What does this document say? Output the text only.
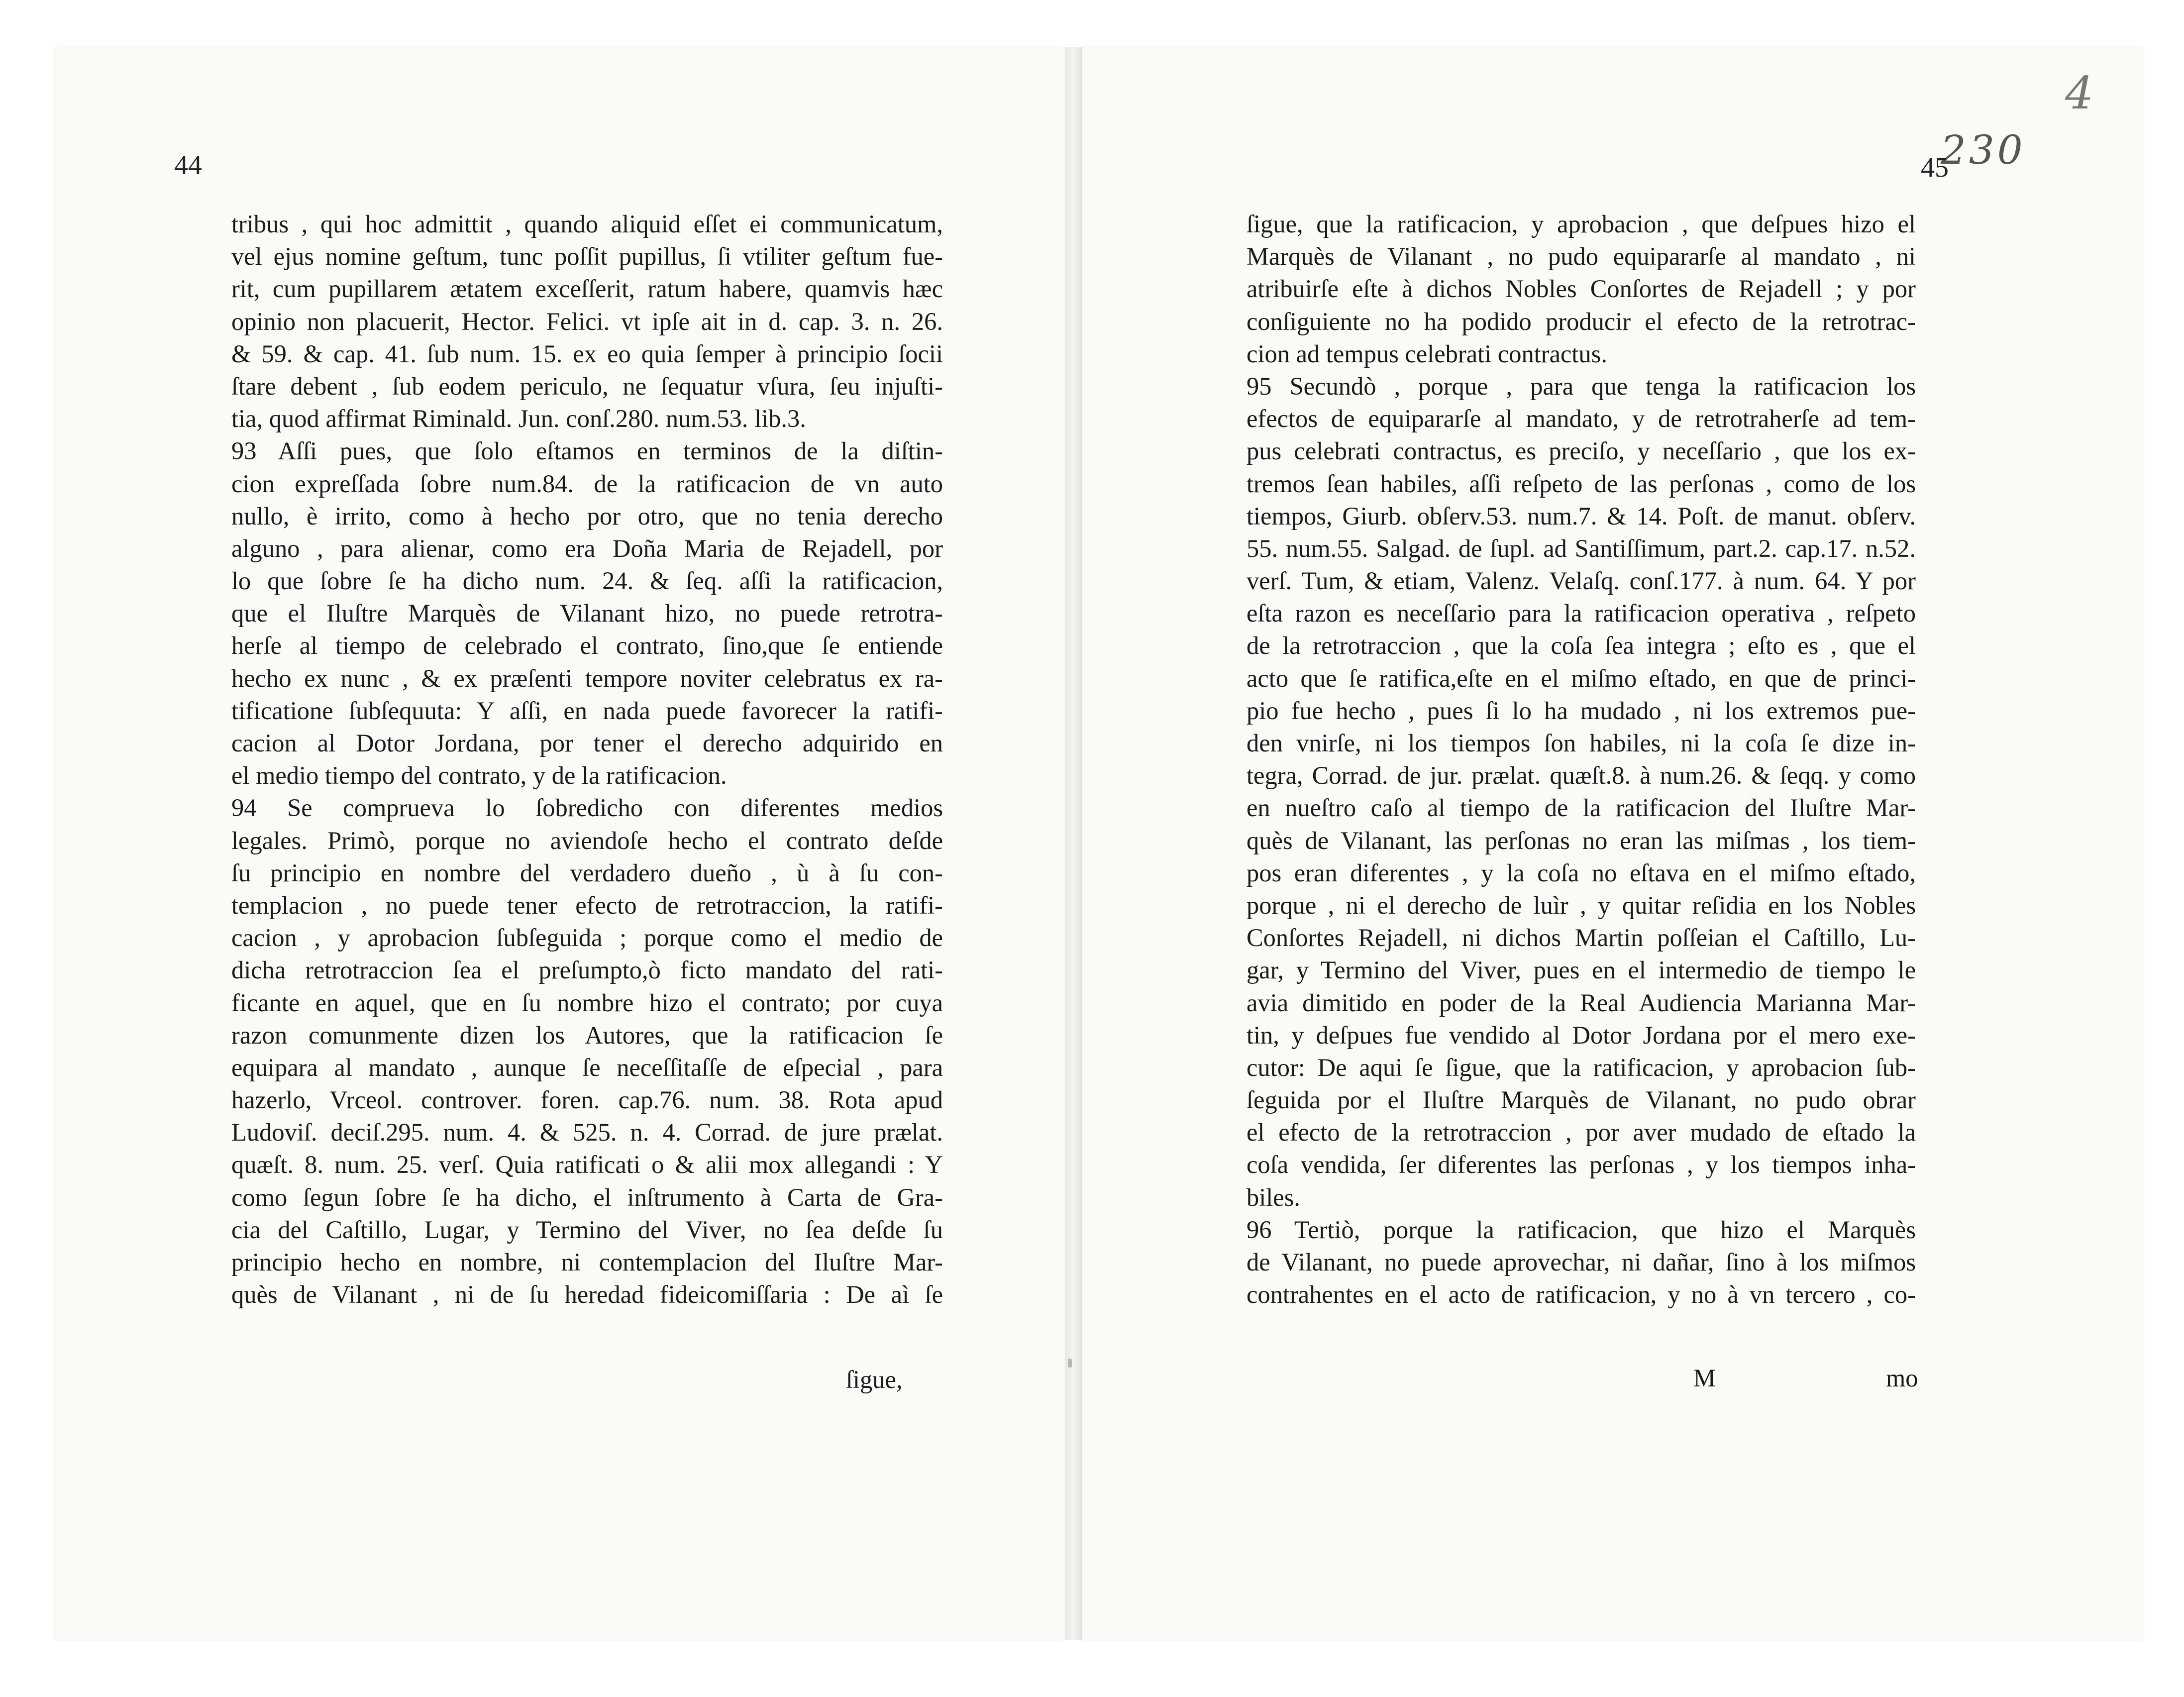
44	230
4
45
tribus , qui hoc admittit , quando aliquid eſſet ei communicatum,
vel ejus nomine geſtum, tunc poſſit pupillus, ſi vtiliter geſtum fue-
rit, cum pupillarem ætatem exceſſerit, ratum habere, quamvis hæc
opinio non placuerit, Hector. Felici. vt ipſe ait in d. cap. 3. n. 26.
& 59. & cap. 41. ſub num. 15. ex eo quia ſemper à principio ſocii
ſtare debent , ſub eodem periculo, ne ſequatur vſura, ſeu injuſti-
tia, quod affirmat Riminald. Jun. conſ.280. num.53. lib.3.
93 Aſſi pues, que ſolo eſtamos en terminos de la diſtin-
cion expreſſada ſobre num.84. de la ratificacion de vn auto
nullo, è irrito, como à hecho por otro, que no tenia derecho
alguno , para alienar, como era Doña Maria de Rejadell, por
lo que ſobre ſe ha dicho num. 24. & ſeq. aſſi la ratificacion,
que el Iluſtre Marquès de Vilanant hizo, no puede retrotra-
herſe al tiempo de celebrado el contrato, ſino,que ſe entiende
hecho ex nunc , & ex præſenti tempore noviter celebratus ex ra-
tificatione ſubſequuta: Y aſſi, en nada puede favorecer la ratifi-
cacion al Dotor Jordana, por tener el derecho adquirido en
el medio tiempo del contrato, y de la ratificacion.
94 Se comprueva lo ſobredicho con diferentes medios
legales. Primò, porque no aviendoſe hecho el contrato deſde
ſu principio en nombre del verdadero dueño , ù à ſu con-
templacion , no puede tener efecto de retrotraccion, la ratifi-
cacion , y aprobacion ſubſeguida ; porque como el medio de
dicha retrotraccion ſea el preſumpto,ò ficto mandato del rati-
ficante en aquel, que en ſu nombre hizo el contrato; por cuya
razon comunmente dizen los Autores, que la ratificacion ſe
equipara al mandato , aunque ſe neceſſitaſſe de eſpecial , para
hazerlo, Vrceol. controver. foren. cap.76. num. 38. Rota apud
Ludoviſ. deciſ.295. num. 4. & 525. n. 4. Corrad. de jure prælat.
quæſt. 8. num. 25. verſ. Quia ratificati o & alii mox allegandi : Y
como ſegun ſobre ſe ha dicho, el inſtrumento à Carta de Gra-
cia del Caſtillo, Lugar, y Termino del Viver, no ſea deſde ſu
principio hecho en nombre, ni contemplacion del Iluſtre Mar-
quès de Vilanant , ni de ſu heredad fideicomiſſaria : De aì ſe
ſigue, que la ratificacion, y aprobacion , que deſpues hizo el
Marquès de Vilanant , no pudo equipararſe al mandato , ni
atribuirſe eſte à dichos Nobles Conſortes de Rejadell ; y por
conſiguiente no ha podido producir el efecto de la retrotrac-
cion ad tempus celebrati contractus.
95 Secundò , porque , para que tenga la ratificacion los
efectos de equipararſe al mandato, y de retrotraherſe ad tem-
pus celebrati contractus, es preciſo, y neceſſario , que los ex-
tremos ſean habiles, aſſi reſpeto de las perſonas , como de los
tiempos, Giurb. obſerv.53. num.7. & 14. Poſt. de manut. obſerv.
55. num.55. Salgad. de ſupl. ad Santiſſimum, part.2. cap.17. n.52.
verſ. Tum, & etiam, Valenz. Velaſq. conſ.177. à num. 64. Y por
eſta razon es neceſſario para la ratificacion operativa , reſpeto
de la retrotraccion , que la coſa ſea integra ; eſto es , que el
acto que ſe ratifica,eſte en el miſmo eſtado, en que de princi-
pio fue hecho , pues ſi lo ha mudado , ni los extremos pue-
den vnirſe, ni los tiempos ſon habiles, ni la coſa ſe dize in-
tegra, Corrad. de jur. prælat. quæſt.8. à num.26. & ſeqq. y como
en nueſtro caſo al tiempo de la ratificacion del Iluſtre Mar-
quès de Vilanant, las perſonas no eran las miſmas , los tiem-
pos eran diferentes , y la coſa no eſtava en el miſmo eſtado,
porque , ni el derecho de luìr , y quitar reſidia en los Nobles
Conſortes Rejadell, ni dichos Martin poſſeian el Caſtillo, Lu-
gar, y Termino del Viver, pues en el intermedio de tiempo le
avia dimitido en poder de la Real Audiencia Marianna Mar-
tin, y deſpues fue vendido al Dotor Jordana por el mero exe-
cutor: De aqui ſe ſigue, que la ratificacion, y aprobacion ſub-
ſeguida por el Iluſtre Marquès de Vilanant, no pudo obrar
el efecto de la retrotraccion , por aver mudado de eſtado la
coſa vendida, ſer diferentes las perſonas , y los tiempos inha-
biles.
96 Tertiò, porque la ratificacion, que hizo el Marquès
de Vilanant, no puede aprovechar, ni dañar, ſino à los miſmos
contrahentes en el acto de ratificacion, y no à vn tercero , co-
ſigue,	M	mo
